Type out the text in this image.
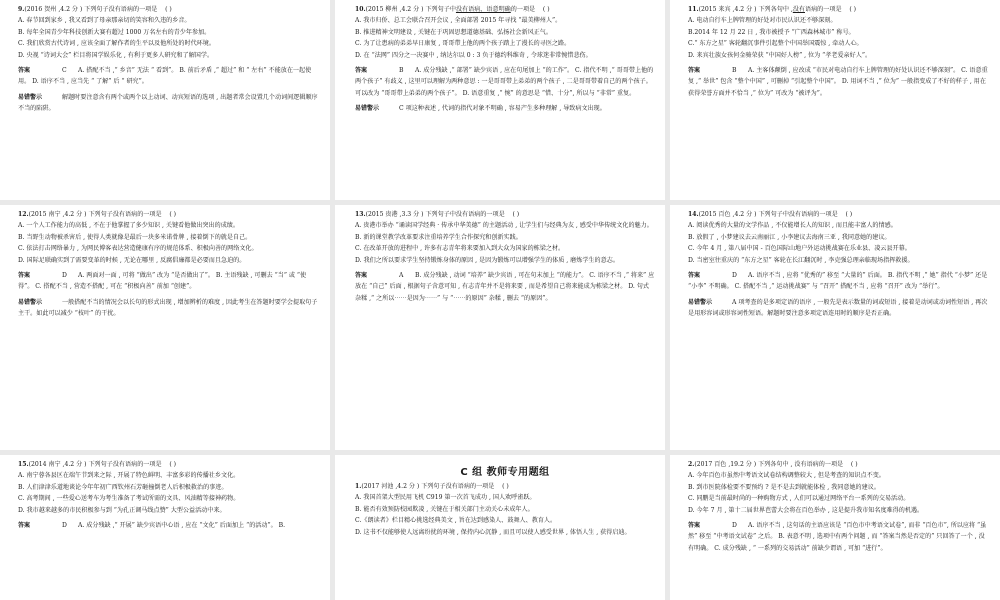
9.(2016 贺州 ,4.2 分 ) 下列句子没有语病的一项是 ( )

A. 春节回到家乡 , 我又看到了母亲那亲切的笑容和久违的乡音。

B. 每年全国青少年科技创新大赛有超过 1000 万名左右的青少年参加。

C. 我们欣赏古代诗词 , 应该全面了解作者的生平以及他所处的时代环境。

D. 央视 “诗词大会” 栏目将国学娱乐化 , 有利于更多人研究和了解国学。

答案	C A. 搭配不当 ,“ 乡音” 无法 “ 看到”。 B. 前后矛盾 ,“ 超过” 和 “ 左右” 不能放在一起使用。 D. 语序不当 , 应当先 “ 了解” 后 “ 研究”。
易错警示	解题时要注意含有两个或两个以上动词、动宾短语的选项 , 出题者常会设置几个动词间逻辑顺序不当的陷阱。

10.(2015 柳州 ,4.2 分 ) 下列句子中没有语病、语意明确的一项是 ( )

A. 我市归侨、总工会联合召开会议 , 全面部署 2015 年寻找 “最美柳州人”。

B. 推进精神文明建设 , 关键在于巩固思想道德基础、弘扬社会新风正气。

C. 为了让患病的弟弟早日康复 , 哥哥带上他的两个孩子踏上了漫长的寻医之路。

D. 在 “法网” 四分之一决赛中 , 纳达尔以 0 : 3 负于德约科维奇 , 令球迷非常惋惜悲伤。

答案	B A. 成分残缺 ,“ 部署” 缺少宾语 , 应在句尾加上 “的工作”。 C. 指代不明 ,“ 哥哥带上他的两个孩子” 有歧义 , 这里可以理解为两种意思 : 一是哥哥带上弟弟的两个孩子 , 二是哥哥带着自己的两个孩子。可以改为 “哥哥带上弟弟的两个孩子”。 D. 语意重复 ,“ 惋” 的意思是 “惜、十分”, 所以与 “非常” 重复。
易错警示	C 项这种表述 , 代词的指代对象不明确 , 容易产生多种理解 , 导致病文出现。

11.(2015 来宾 ,4.2 分 ) 下列各句中 ,没有语病的一项是 ( )

A. 电动自行车上牌管理的好处对市民认识还不够深刻。

B.2014 年 12 月 22 日 , 我市被授予 “广西森林城市” 称号。

C.“ 东方之星” 客轮翻沉事件引起整个中国举国震惊 , 牵动人心。

D. 来宾壮族女孩何金骑荣获 “中国好人榜” , 位为 “孝老爱亲好人”。

答案	B A. 主客体颠倒 , 应改成 “市民对电动自行车上牌管理的好处认识还不够深刻”。 C. 语意重复 ,“ 举世” 包含 “整个中国” , 可删掉 “引起整个中国”。 D. 用词不当 ,“ 位为” 一般指变成了不好的样子 , 用在获得荣誉方面并不恰当 ,“ 位为” 可改为 “被评为”。

12.(2015 南宁 ,4.2 分 ) 下列句子没有语病的一项是 ( )

A. 一个人工作能力的高低 , 不在于他掌握了多少知识 , 关键看他做出突出的成绩。

B. 当野生动物被杀害后 , 使得人类就像是最后一块多米诺骨牌 , 接着倒下的就是自己。

C. 依法打击网络暴力 , 为网民博客表达营造健康有序的规范体系、积极向善的网络文化。

D. 国际足联确实到了需要变革的时候 , 无论在哪里 , 反腐倡廉都是必要而且急迫的。

答案	D A. 两面对一面 , 可将 “做出” 改为 “是否做出了”。 B. 主语残缺 , 可删去 “当” 或 “使得”。 C. 搭配不当 , 营造不搭配 , 可在 “积极向善” 前加 “创建”。
易错警示	一般搭配不当的情况会以长句的形式出现 , 增加辨析的难度 , 因此考生在答题时要学会提取句子主干。如此可以减少 “枝叶” 的干扰。

13.(2015 贵港 ,3.3 分 ) 下列句子中没有语病的一项是 ( )

A. 贵港市举办 “诵读国学经典 · 传承中华美德” 的主题活动 , 让学生们与经典为友 , 感受中华传统文化的魅力。

B. 新的课堂教学改革要求注重培养学生合作探究和创新实践。

C. 在改革开放的进程中 , 许多有志青年将来要加入到大众为国家的栋梁之材。

D. 我们之所以要求学生坚持锻炼身体的原因 , 是因为锻炼可以增强学生的体质 , 磨炼学生的意志。

答案	A B. 成分残缺 , 动词 “培养” 缺少宾语 , 可在句末加上 “的能力”。 C. 语序不当 ,“ 将来” 应放在 “自己” 后面 , 根据句子含意可知 , 有志青年并不是将来要 , 而是希望自己将来能成为栋梁之材。 D. 句式杂糅 ,“ 之所以⋯⋯是因为⋯⋯” 与 “⋯⋯的原因” 杂糅 , 删去 “的原因”。

14.(2015 百色 ,4.2 分 ) 下列句子中没有语病的一项是 ( )

A. 阅读优秀的大量的文学作品 , 不仅能增长人的知识 , 而且能丰富人的情感。

B. 放假了 , 小梦建议去云南丽江 , 小李建议去海南三亚 , 我同意她的建议。

C. 今年 4 月 , 第八届中国 - 百色国际山地户外运动挑战赛在乐业县、凌云县开幕。

D. 当密室往重庆的 “东方之星” 客轮在长江翻沉时 , 李克强总理亲临现场指挥救援。

答案	D A. 语序不当 , 应将 “优秀的” 移至 “大量的” 后面。 B. 指代不明 ,“ 她” 指代 “小梦” 还是 “小李” 不明确。 C. 搭配不当 ,“ 运动挑战赛” 与 “召开” 搭配不当 , 应将 “召开” 改为 “举行”。
易错警示	A 项考查的是多项定语的语序 , 一般先是表示数量的词或短语 , 接着是动词或动词性短语 , 再次是用形容词或形容词性短语。解题时要注意多项定语连用时的顺序是否正确。

15.(2014 南宁 ,4.2 分 ) 下列句子没有语病的一项是 ( )

A. 南宁蓉各县区在端午节到来之际 , 开展了特色鲜明、丰富多彩的传播社乡文化。

B. 人们津津乐道地谈论今年年初广西钦州石芳砸撞倒老人后积极救治的事迹。

C. 高考期间 , 一些爱心送考车为考生准备了考试所需的文具、风油精等接神药物。

D. 我市越来越多的市民积极参与到 “为孔正调马线点赞” 大型公益活动中来。

答案	D A. 成分残缺 ,“ 开展” 缺少宾语中心语 , 应在 “文化” 后面加上 “的活动”。 B.
C 组 教师专用题组

1.(2017 河池 ,4.2 分 ) 下列句子没有语病的一项是 ( )

A. 我国首架大型民用飞机 C919 第一次首飞成功 , 国人欢呼雀跃。

B. 能否有效预防校园欺凌 , 关键在于相关部门主动关心未成年人。

C.《朗读者》栏目精心挑选经典美文 , 旨在达到感染人、鼓舞人、教育人。

D. 这书不仅能够使人远离纷扰的环境 , 保持内心沉静 , 而且可以使人感受世界 , 体悟人生 , 获得启迪。

2.(2017 百色 ,19.2 分 ) 下列各句中 , 没有语病的一项是 ( )

A. 今年百色市虽然中考语文试卷结构调整较大 , 但是考查的知识点不变。

B. 到市医院体检要不要预约 ? 是不是去到就能体检 , 我同意她的建议。

C. 同鹏是当前最时尚的一种购物方式 , 人们可以通过网络平台一系列的交易活动。

D. 今年 7 月 , 第十二届世界芭蕾大会将在百色举办 , 这是提升我市知名度难得的机遇。

答案	D A. 语序不当 , 这句话的主语应该是 “百色市中考语文试卷”, 而非 “百色市”, 所以应将 “虽然” 移至 “中考语文试卷” 之后。 B. 表意不明 , 选项中有两个问题 , 而 “答案当然是否定的” 只回答了一个 , 没有明确。 C. 成分残缺 , “ 一系列的交易活动” 前缺少谓语 , 可加 “进行”。
